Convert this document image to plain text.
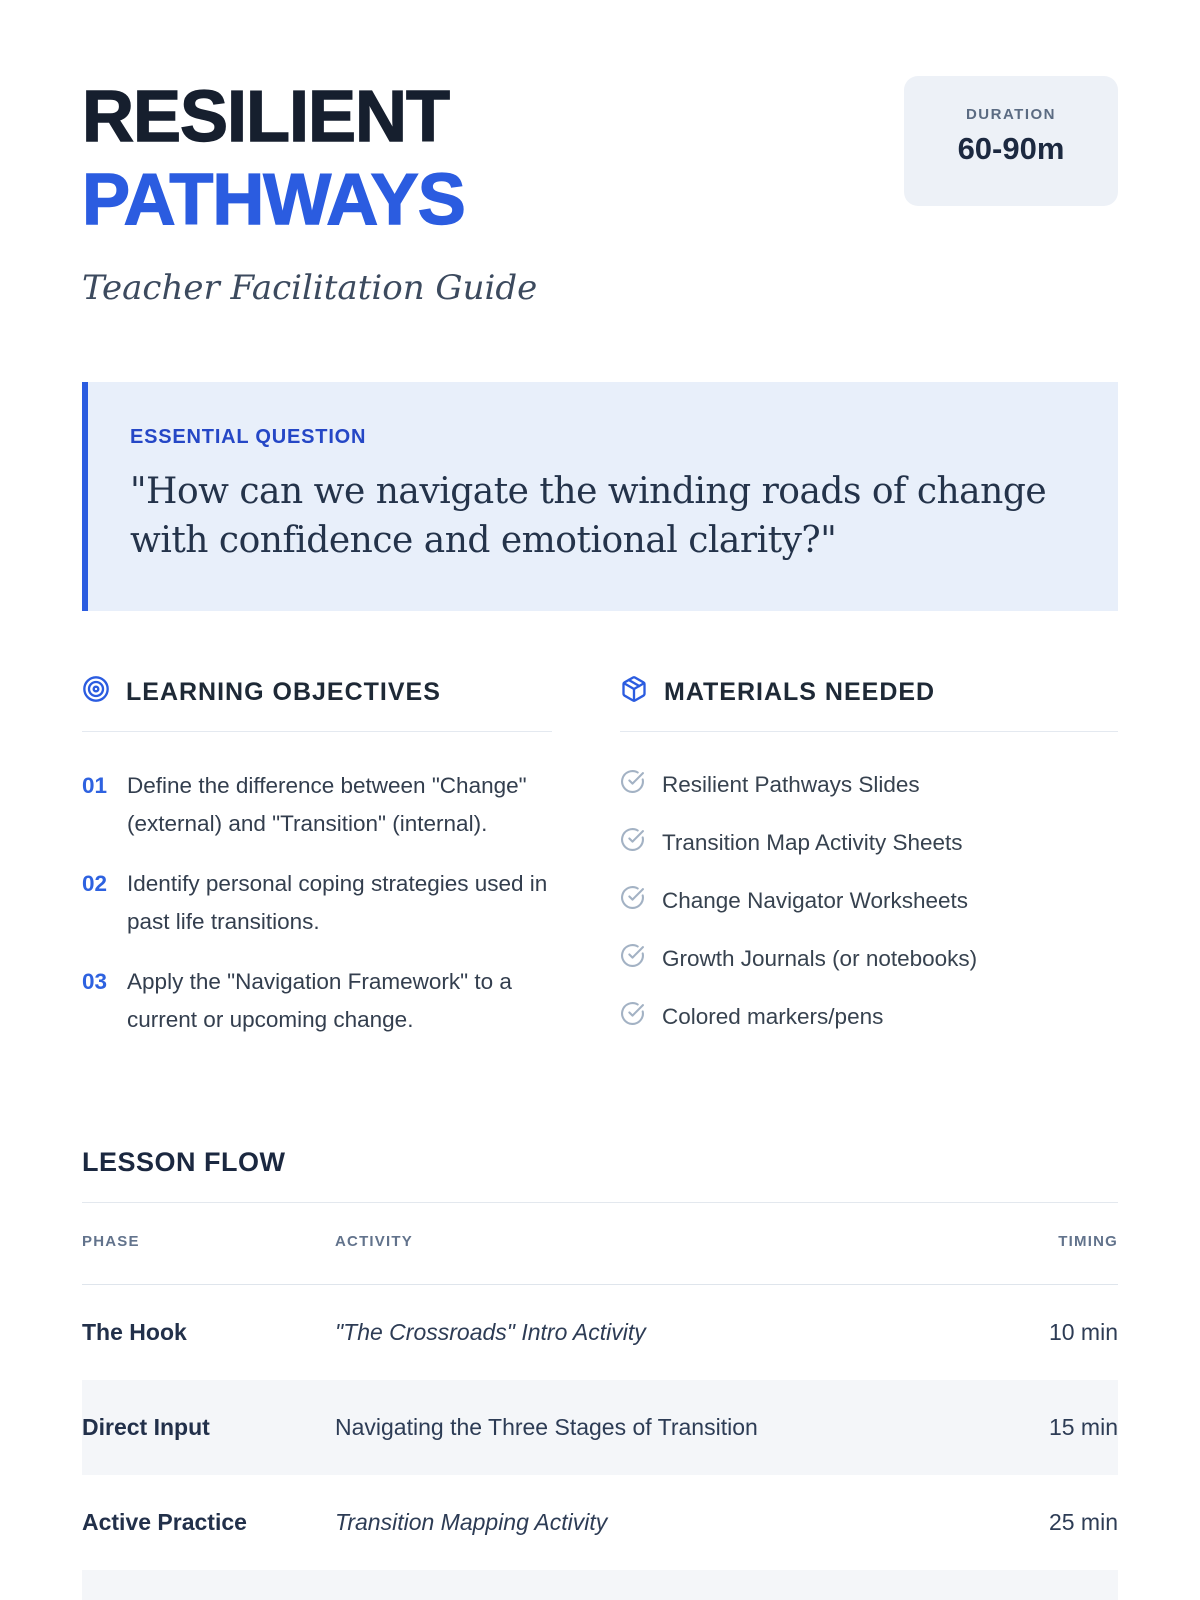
RESILIENT
PATHWAYS

Teacher Facilitation Guide

DURATION
60-90m
ESSENTIAL QUESTION
"How can we navigate the winding roads of change with confidence and emotional clarity?"
LEARNING OBJECTIVES
01 Define the difference between "Change" (external) and "Transition" (internal).
02 Identify personal coping strategies used in past life transitions.
03 Apply the "Navigation Framework" to a current or upcoming change.
MATERIALS NEEDED
Resilient Pathways Slides
Transition Map Activity Sheets
Change Navigator Worksheets
Growth Journals (or notebooks)
Colored markers/pens
LESSON FLOW
PHASE	ACTIVITY	TIMING
The Hook	"The Crossroads" Intro Activity	10 min
Direct Input	Navigating the Three Stages of Transition	15 min
Active Practice	Transition Mapping Activity	25 min
